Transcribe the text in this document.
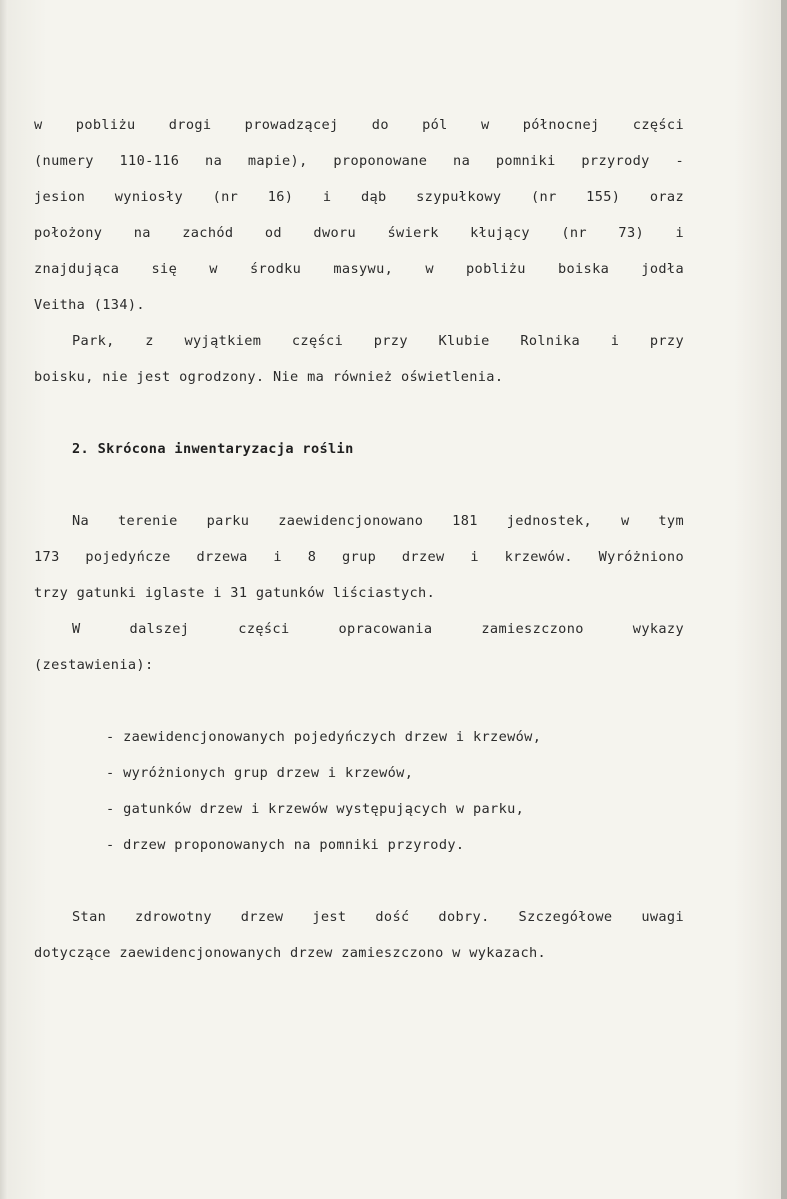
w pobliżu drogi prowadzącej do pól w północnej części
(numery 110-116 na mapie), proponowane na pomniki przyrody -
jesion wyniosły (nr 16) i dąb szypułkowy (nr 155) oraz
położony na zachód od dworu świerk kłujący (nr 73) i
znajdująca się w środku masywu, w pobliżu boiska jodła
Veitha (134).
Park, z wyjątkiem części przy Klubie Rolnika i przy
boisku, nie jest ogrodzony. Nie ma również oświetlenia.
2. Skrócona inwentaryzacja roślin
Na terenie parku zaewidencjonowano 181 jednostek, w tym
173 pojedyńcze drzewa i 8 grup drzew i krzewów. Wyróżniono
trzy gatunki iglaste i 31 gatunków liściastych.
W dalszej części opracowania zamieszczono wykazy
(zestawienia):
- zaewidencjonowanych pojedyńczych drzew i krzewów,
- wyróżnionych grup drzew i krzewów,
- gatunków drzew i krzewów występujących w parku,
- drzew proponowanych na pomniki przyrody.
Stan zdrowotny drzew jest dość dobry. Szczegółowe uwagi
dotyczące zaewidencjonowanych drzew zamieszczono w wykazach.
